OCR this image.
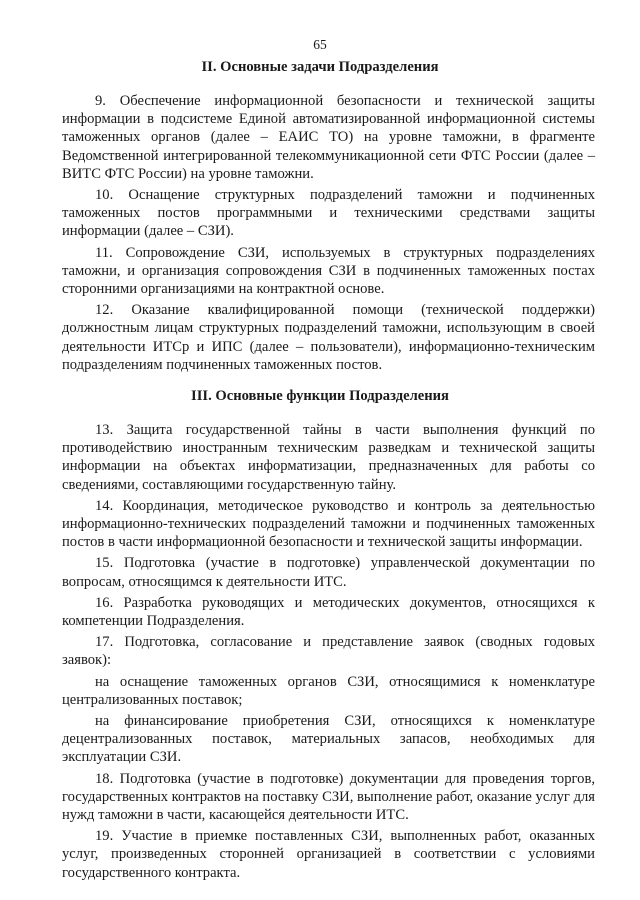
65
II. Основные задачи Подразделения

9. Обеспечение информационной безопасности и технической защиты информации в подсистеме Единой автоматизированной информационной системы таможенных органов (далее – ЕАИС ТО) на уровне таможни, в фрагменте Ведомственной интегрированной телекоммуникационной сети ФТС России (далее – ВИТС ФТС России) на уровне таможни.

10. Оснащение структурных подразделений таможни и подчиненных таможенных постов программными и техническими средствами защиты информации (далее – СЗИ).

11. Сопровождение СЗИ, используемых в структурных подразделениях таможни, и организация сопровождения СЗИ в подчиненных таможенных постах сторонними организациями на контрактной основе.

12. Оказание квалифицированной помощи (технической поддержки) должностным лицам структурных подразделений таможни, использующим в своей деятельности ИТСр и ИПС (далее – пользователи), информационно-техническим подразделениям подчиненных таможенных постов.

III. Основные функции Подразделения

13. Защита государственной тайны в части выполнения функций по противодействию иностранным техническим разведкам и технической защиты информации на объектах информатизации, предназначенных для работы со сведениями, составляющими государственную тайну.

14. Координация, методическое руководство и контроль за деятельностью информационно-технических подразделений таможни и подчиненных таможенных постов в части информационной безопасности и технической защиты информации.

15. Подготовка (участие в подготовке) управленческой документации по вопросам, относящимся к деятельности ИТС.

16. Разработка руководящих и методических документов, относящихся к компетенции Подразделения.

17. Подготовка, согласование и представление заявок (сводных годовых заявок):

на оснащение таможенных органов СЗИ, относящимися к номенклатуре централизованных поставок;

на финансирование приобретения СЗИ, относящихся к номенклатуре децентрализованных поставок, материальных запасов, необходимых для эксплуатации СЗИ.

18. Подготовка (участие в подготовке) документации для проведения торгов, государственных контрактов на поставку СЗИ, выполнение работ, оказание услуг для нужд таможни в части, касающейся деятельности ИТС.

19. Участие в приемке поставленных СЗИ, выполненных работ, оказанных услуг, произведенных сторонней организацией в соответствии с условиями государственного контракта.
